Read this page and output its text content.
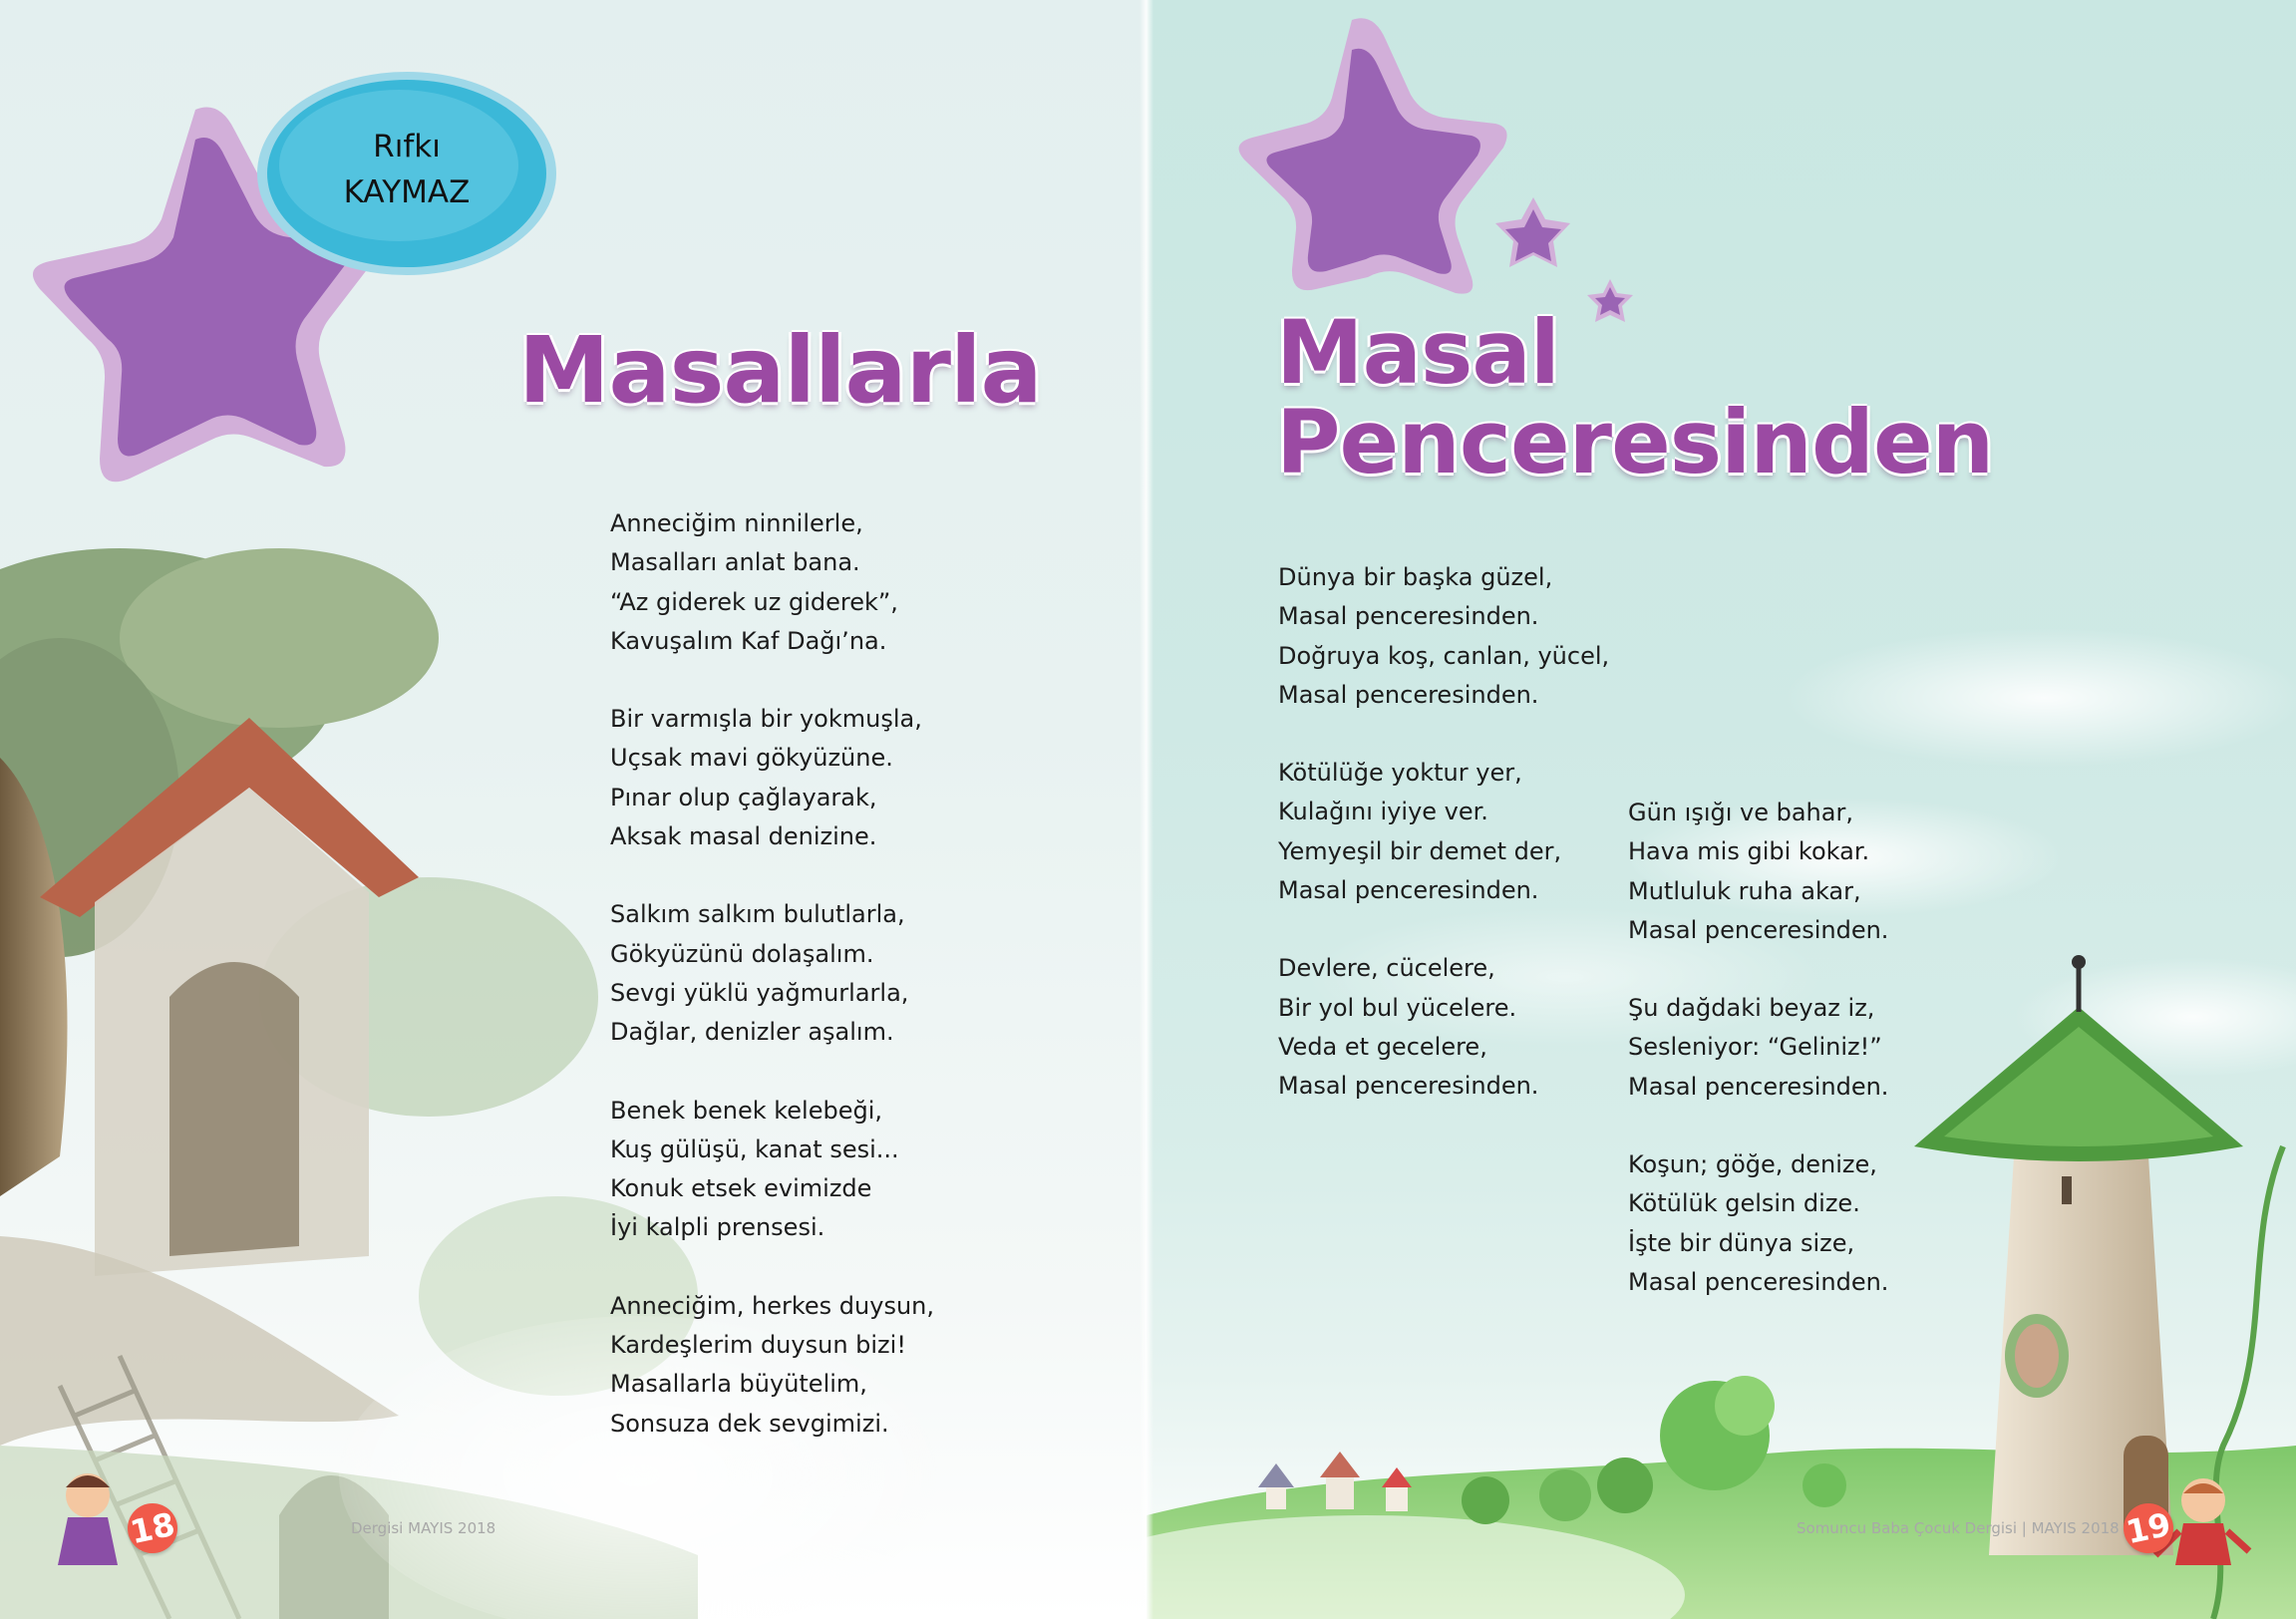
Rıfkı
KAYMAZ
Masallarla
Anneciğim ninnilerle,
Masalları anlat bana.
“Az giderek uz giderek”,
Kavuşalım Kaf Dağı’na.
Bir varmışla bir yokmuşla,
Uçsak mavi gökyüzüne.
Pınar olup çağlayarak,
Aksak masal denizine.
Salkım salkım bulutlarla,
Gökyüzünü dolaşalım.
Sevgi yüklü yağmurlarla,
Dağlar, denizler aşalım.
Benek benek kelebeği,
Kuş gülüşü, kanat sesi...
Konuk etsek evimizde
İyi kalpli prensesi.
Anneciğim, herkes duysun,
Kardeşlerim duysun bizi!
Masallarla büyütelim,
Sonsuza dek sevgimizi.
18	Dergisi MAYIS 2018
Masal
Penceresinden
Dünya bir başka güzel,
Masal penceresinden.
Doğruya koş, canlan, yücel,
Masal penceresinden.
Kötülüğe yoktur yer,
Kulağını iyiye ver.
Yemyeşil bir demet der,
Masal penceresinden.
Devlere, cücelere,
Bir yol bul yücelere.
Veda et gecelere,
Masal penceresinden.
Gün ışığı ve bahar,
Hava mis gibi kokar.
Mutluluk ruha akar,
Masal penceresinden.
Şu dağdaki beyaz iz,
Sesleniyor: “Geliniz!”
Masal penceresinden.
Koşun; göğe, denize,
Kötülük gelsin dize.
İşte bir dünya size,
Masal penceresinden.
Somuncu Baba Çocuk Dergisi | MAYIS 2018 19
